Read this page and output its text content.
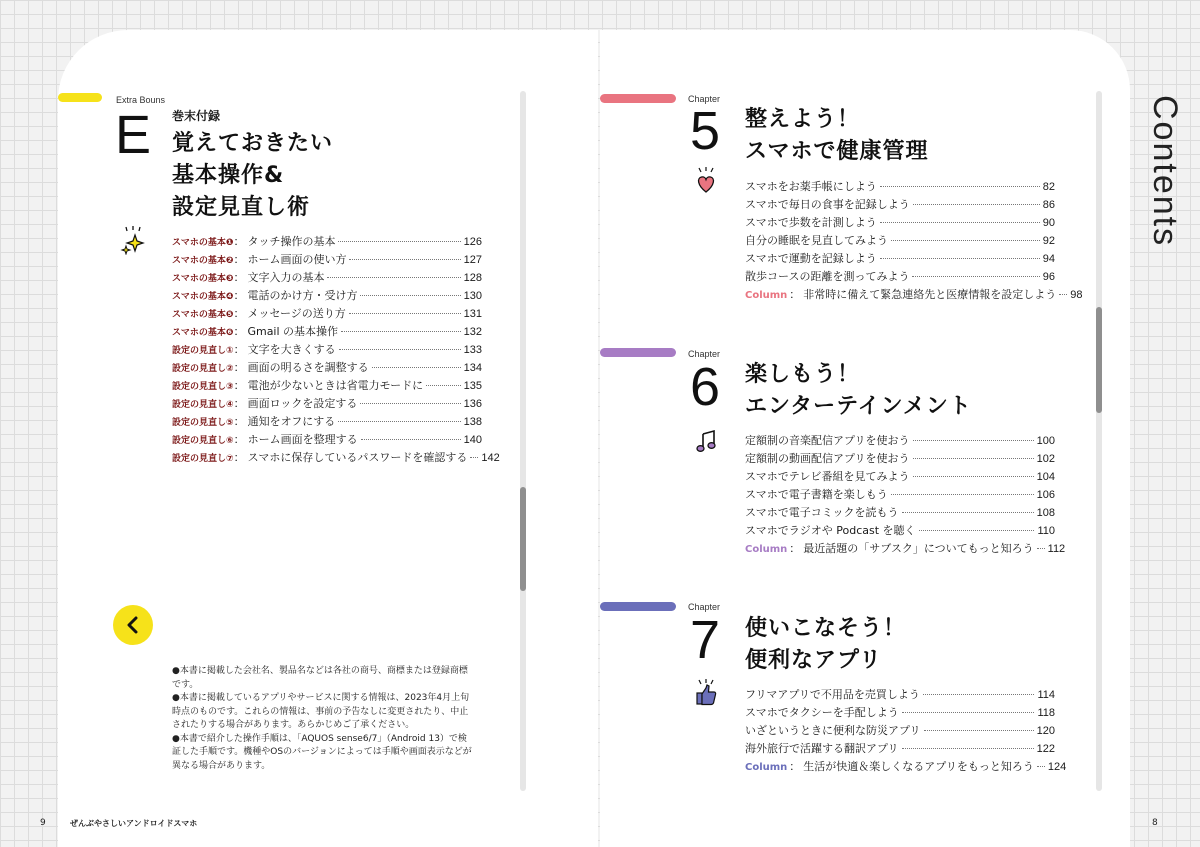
Extra Bouns
E 巻末付録
覚えておきたい
基本操作&
設定見直し術
スマホの基本❶： タッチ操作の基本	126
スマホの基本❷： ホーム画面の使い方	127
スマホの基本❸： 文字入力の基本	128
スマホの基本❹： 電話のかけ方・受け方	130
スマホの基本❺： メッセージの送り方	131
スマホの基本❻： Gmail の基本操作	132
設定の見直し①： 文字を大きくする	133
設定の見直し②： 画面の明るさを調整する	134
設定の見直し③： 電池が少ないときは省電力モードに	135
設定の見直し④： 画面ロックを設定する	136
設定の見直し⑤： 通知をオフにする	138
設定の見直し⑥： ホーム画面を整理する	140
設定の見直し⑦： スマホに保存しているパスワードを確認する 142

●本書に掲載した会社名、製品名などは各社の商号、商標または登録商標です。

●本書に掲載しているアプリやサービスに関する情報は、2023年4月上旬時点のものです。これらの情報は、事前の予告なしに変更されたり、中止されたりする場合があります。あらかじめご了承ください。

●本書で紹介した操作手順は、「AQUOS sense6/7」（Android 13）で検証した手順です。機種やOSのバージョンによっては手順や画面表示などが異なる場合があります。

9	ぜんぶやさしいアンドロイドスマホ
Contents
Chapter
5 整えよう！
スマホで健康管理
スマホをお薬手帳にしよう	82
スマホで毎日の食事を記録しよう	86
スマホで歩数を計測しよう	90
自分の睡眠を見直してみよう	92
スマホで運動を記録しよう	94
散歩コースの距離を測ってみよう	96
Column ： 非常時に備えて緊急連絡先と医療情報を設定しよう 98
Chapter
6 楽しもう！
エンターテインメント
定額制の音楽配信アプリを使おう	100
定額制の動画配信アプリを使おう	102
スマホでテレビ番組を見てみよう	104
スマホで電子書籍を楽しもう	106
スマホで電子コミックを読もう	108
スマホでラジオや Podcast を聴く	110
Column ： 最近話題の「サブスク」についてもっと知ろう 112
Chapter
7 使いこなそう！
便利なアプリ
フリマアプリで不用品を売買しよう	114
スマホでタクシーを手配しよう	118
いざというときに便利な防災アプリ	120
海外旅行で活躍する翻訳アプリ	122
Column ： 生活が快適＆楽しくなるアプリをもっと知ろう 124
8
